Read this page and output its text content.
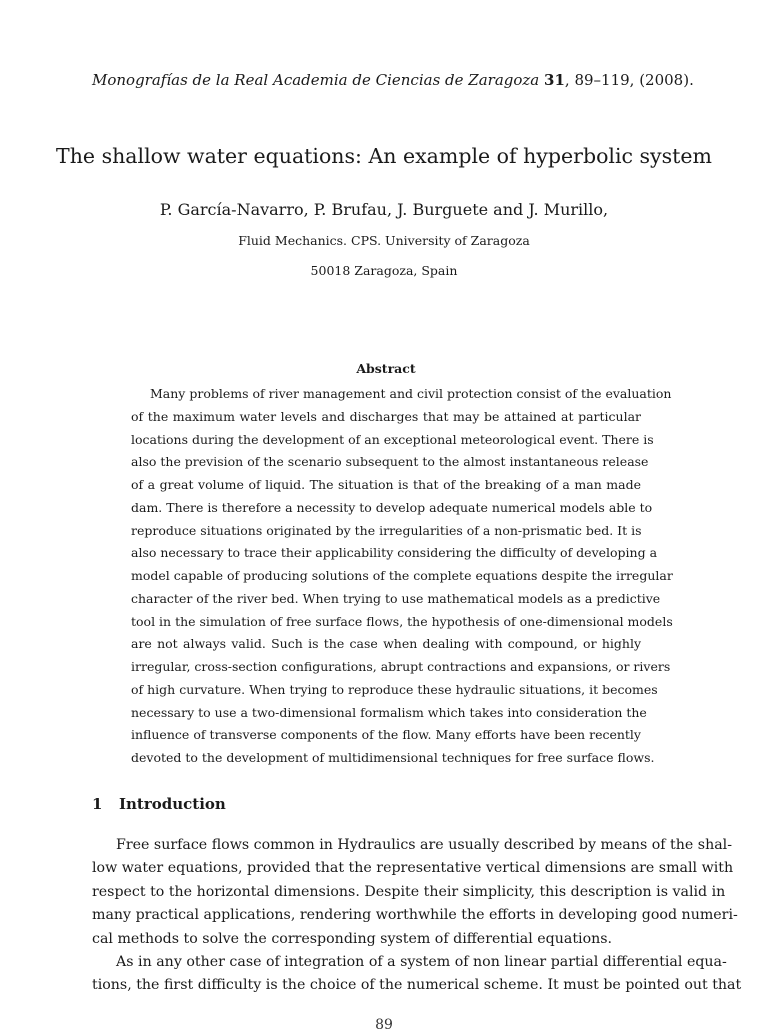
Monografías de la Real Academia de Ciencias de Zaragoza 31, 89–119, (2008).
The shallow water equations: An example of hyperbolic system
P. García-Navarro, P. Brufau, J. Burguete and J. Murillo,
Fluid Mechanics. CPS. University of Zaragoza
50018 Zaragoza, Spain
Abstract
Many problems of river management and civil protection consist of the evaluation
of the maximum water levels and discharges that may be attained at particular
locations during the development of an exceptional meteorological event. There is
also the prevision of the scenario subsequent to the almost instantaneous release
of a great volume of liquid. The situation is that of the breaking of a man made
dam. There is therefore a necessity to develop adequate numerical models able to
reproduce situations originated by the irregularities of a non-prismatic bed. It is
also necessary to trace their applicability considering the difficulty of developing a
model capable of producing solutions of the complete equations despite the irregular
character of the river bed. When trying to use mathematical models as a predictive
tool in the simulation of free surface flows, the hypothesis of one-dimensional models
are not always valid. Such is the case when dealing with compound, or highly
irregular, cross-section configurations, abrupt contractions and expansions, or rivers
of high curvature. When trying to reproduce these hydraulic situations, it becomes
necessary to use a two-dimensional formalism which takes into consideration the
influence of transverse components of the flow. Many efforts have been recently
devoted to the development of multidimensional techniques for free surface flows.
1 Introduction
Free surface flows common in Hydraulics are usually described by means of the shal-
low water equations, provided that the representative vertical dimensions are small with
respect to the horizontal dimensions. Despite their simplicity, this description is valid in
many practical applications, rendering worthwhile the efforts in developing good numeri-
cal methods to solve the corresponding system of differential equations.
As in any other case of integration of a system of non linear partial differential equa-
tions, the first difficulty is the choice of the numerical scheme. It must be pointed out that
89
